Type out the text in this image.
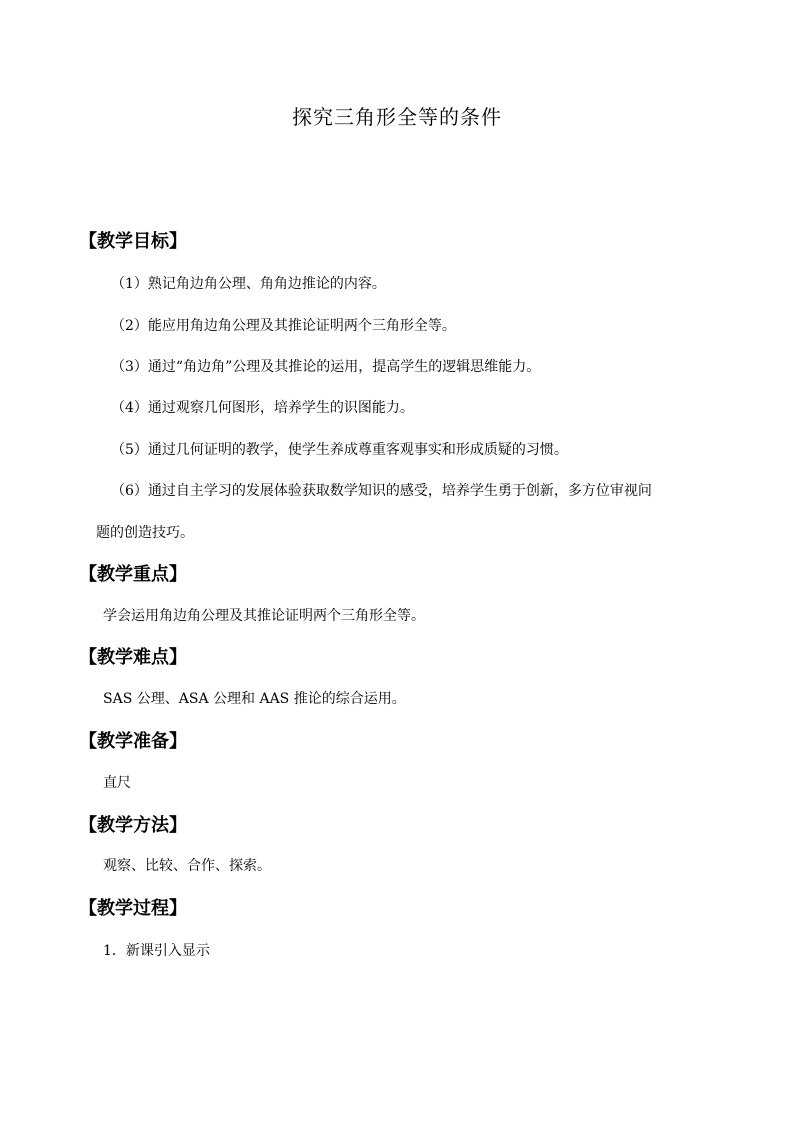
探究三角形全等的条件
【教学目标】
（1）熟记角边角公理、角角边推论的内容。
（2）能应用角边角公理及其推论证明两个三角形全等。
（3）通过“角边角”公理及其推论的运用，提高学生的逻辑思维能力。
（4）通过观察几何图形，培养学生的识图能力。
（5）通过几何证明的教学，使学生养成尊重客观事实和形成质疑的习惯。
（6）通过自主学习的发展体验获取数学知识的感受，培养学生勇于创新，多方位审视问
题的创造技巧。
【教学重点】
学会运用角边角公理及其推论证明两个三角形全等。
【教学难点】
SAS 公理、ASA 公理和 AAS 推论的综合运用。
【教学准备】
直尺
【教学方法】
观察、比较、合作、探索。
【教学过程】
1．新课引入显示
